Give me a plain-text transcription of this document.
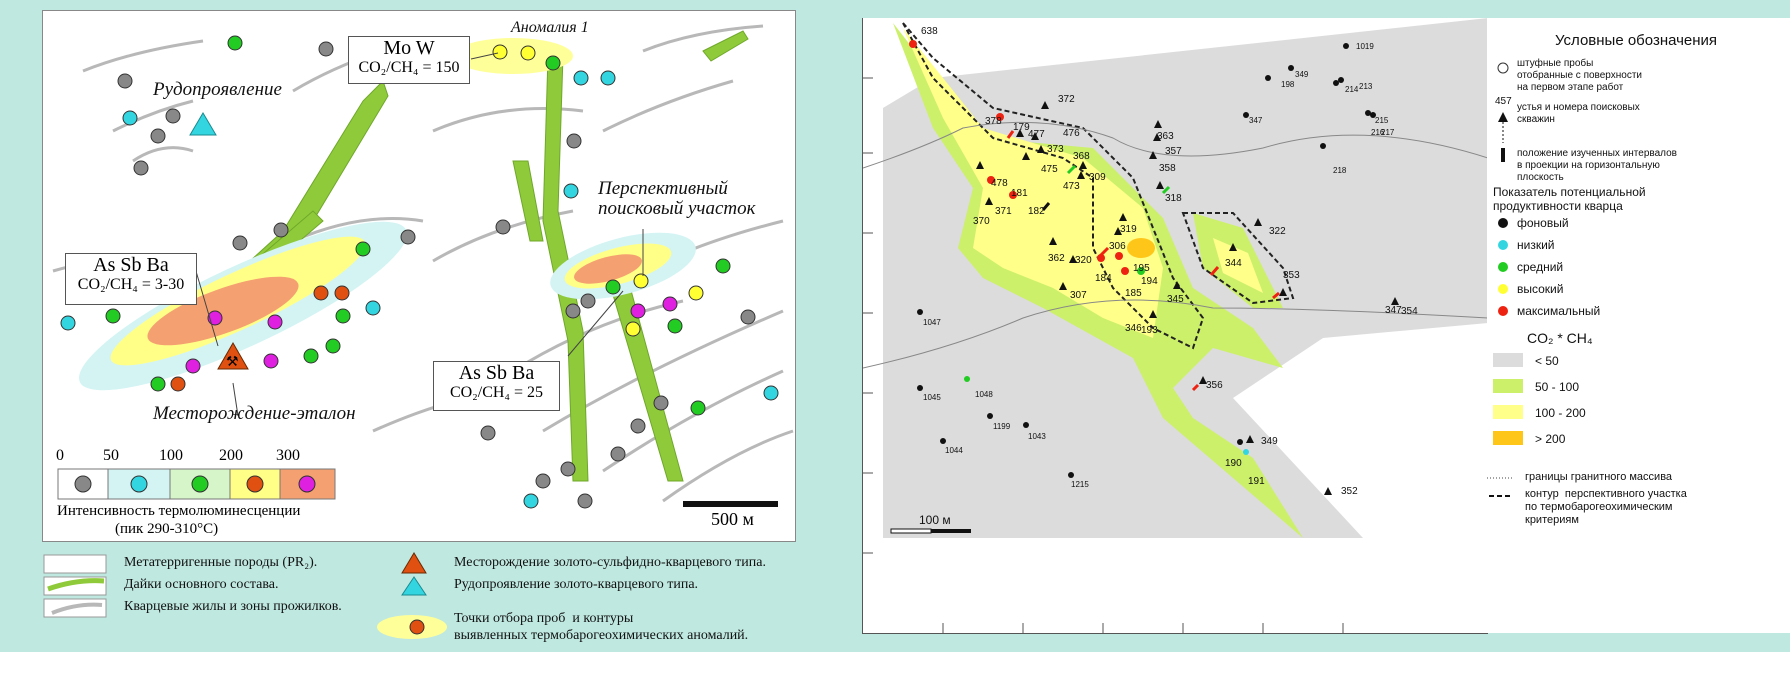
⚒
Аномалия 1
Рудопроявление
Перспективный
поисковый участок
Месторождение-эталон
Mo W
CO₂/CH₄ = 150
As Sb Ba
CO₂/CH₄ = 3-30
As Sb Ba
CO₂/CH₄ = 25
0 50	100 200 300
Интенсивность термолюминесценции
(пик 290-310°С)	500 м
Метатерригенные породы (PR₂).
Дайки основного состава.
Кварцевые жилы и зоны прожилков.
Месторождение золото-сульфидно-кварцевого типа.
Рудопроявление золото-кварцевого типа.
Точки отбора проб  и контуры
выявленных термобарогеохимических аномалий.
638
378
179
477
373
372
476
475
368
473
309
478
181
182
370
371
362 320
306
319
363
357
358
318
322
344
353
347 354
345
307
184
195
185
194
346 193
356
349
190
191
352
1047
1045	1048
1044
1199
1043
1215
198
349
1019
214 213
215
216
217
347
218
100 м
Условные обозначения
штуфные пробы
отобранные с поверхности
на первом этапе работ
457
устья и номера поисковых
скважин
положение изученных интервалов
в проекции на горизонтальную
плоскость
Показатель потенциальной
продуктивности кварца
фоновый
низкий
средний
высокий
максимальный
CO₂ * CH₄
< 50
50 - 100
100 - 200
> 200
границы гранитного массива
контур  перспективного участка
по термобарогеохимическим
критериям
